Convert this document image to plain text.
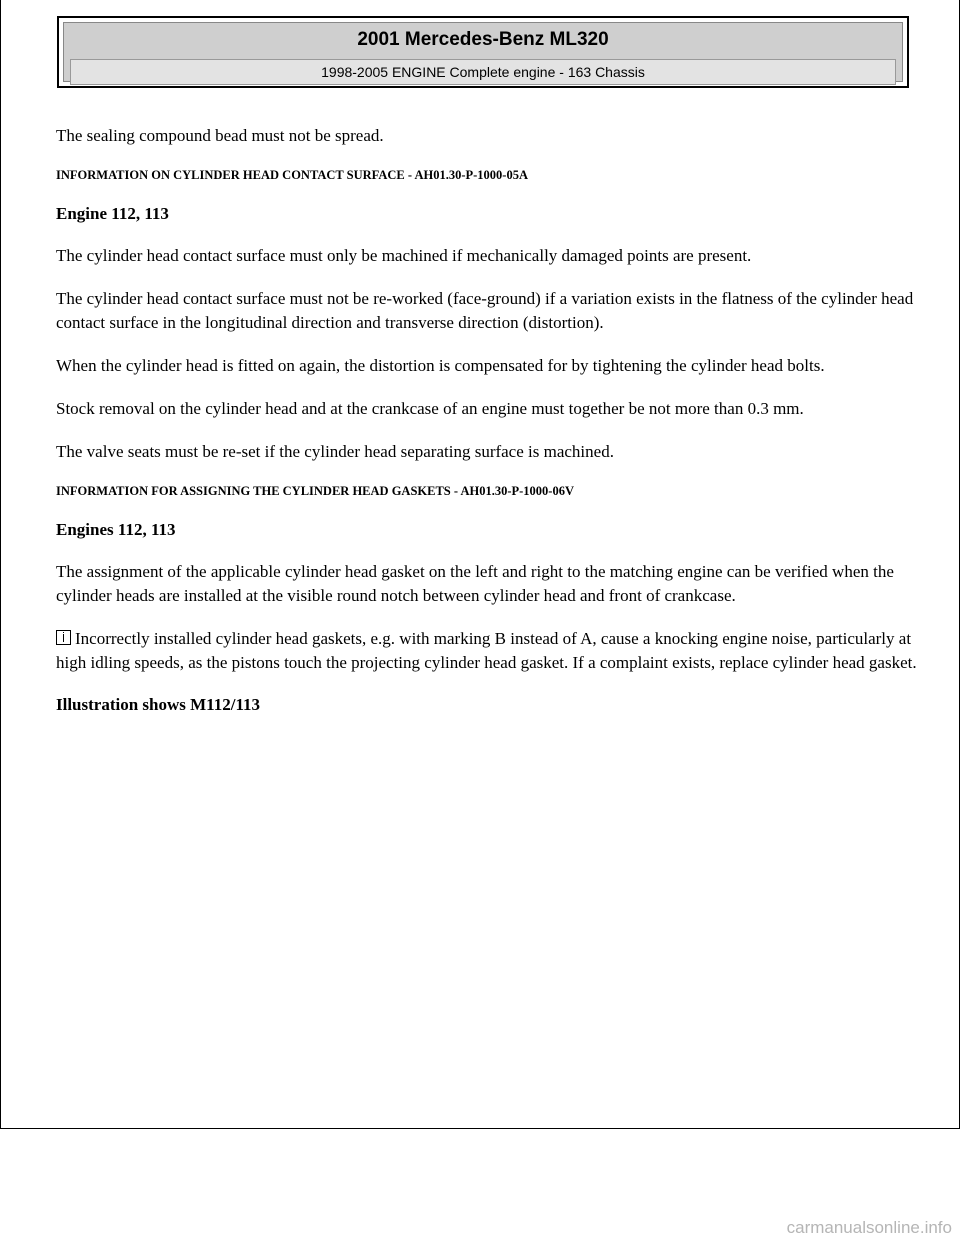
2001 Mercedes-Benz ML320
1998-2005 ENGINE Complete engine - 163 Chassis

The sealing compound bead must not be spread.

INFORMATION ON CYLINDER HEAD CONTACT SURFACE - AH01.30-P-1000-05A

Engine 112, 113

The cylinder head contact surface must only be machined if mechanically damaged points are present.

The cylinder head contact surface must not be re-worked (face-ground) if a variation exists in the flatness of the cylinder head contact surface in the longitudinal direction and transverse direction (distortion).

When the cylinder head is fitted on again, the distortion is compensated for by tightening the cylinder head bolts.

Stock removal on the cylinder head and at the crankcase of an engine must together be not more than 0.3 mm.

The valve seats must be re-set if the cylinder head separating surface is machined.

INFORMATION FOR ASSIGNING THE CYLINDER HEAD GASKETS - AH01.30-P-1000-06V

Engines 112, 113

The assignment of the applicable cylinder head gasket on the left and right to the matching engine can be verified when the cylinder heads are installed at the visible round notch between cylinder head and front of crankcase.

Incorrectly installed cylinder head gaskets, e.g. with marking B instead of A, cause a knocking engine noise, particularly at high idling speeds, as the pistons touch the projecting cylinder head gasket. If a complaint exists, replace cylinder head gasket.

Illustration shows M112/113

carmanualsonline.info
